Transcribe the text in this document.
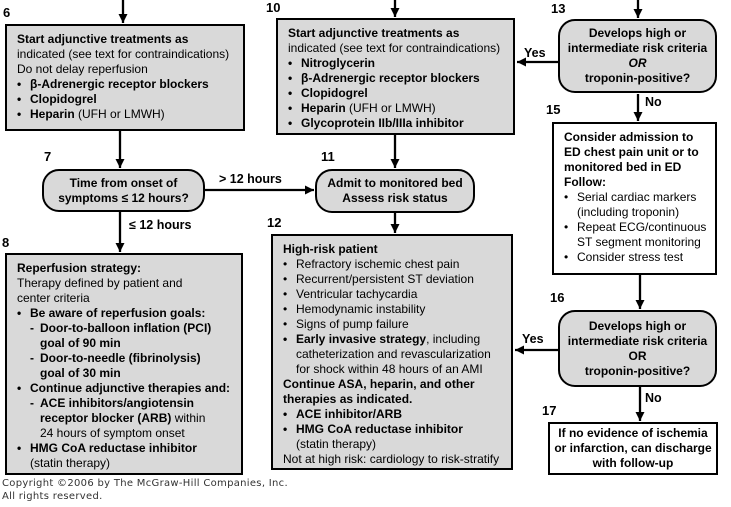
6	10	13
7	11
15
8
12
16
17
Start adjunctive treatments as
indicated (see text for contraindications)
Do not delay reperfusion
• β-Adrenergic receptor blockers
• Clopidogrel
• Heparin (UFH or LMWH)
Start adjunctive treatments as
indicated (see text for contraindications)
• Nitroglycerin
• β-Adrenergic receptor blockers
• Clopidogrel
• Heparin (UFH or LMWH)
• Glycoprotein IIb/IIIa inhibitor
Develops high or
intermediate risk criteria
OR
troponin-positive?
Time from onset of
symptoms ≤ 12 hours?
Admit to monitored bed
Assess risk status
Consider admission to
ED chest pain unit or to
monitored bed in ED
Follow:
• Serial cardiac markers
(including troponin)
• Repeat ECG/continuous
ST segment monitoring
• Consider stress test
Reperfusion strategy:
Therapy defined by patient and
center criteria
• Be aware of reperfusion goals:
- Door-to-balloon inflation (PCI)
goal of 90 min
- Door-to-needle (fibrinolysis)
goal of 30 min
• Continue adjunctive therapies and:
- ACE inhibitors/angiotensin
receptor blocker (ARB) within
24 hours of symptom onset
• HMG CoA reductase inhibitor
(statin therapy)
High-risk patient
• Refractory ischemic chest pain
• Recurrent/persistent ST deviation
• Ventricular tachycardia
• Hemodynamic instability
• Signs of pump failure
• Early invasive strategy, including
catheterization and revascularization
for shock within 48 hours of an AMI
Continue ASA, heparin, and other
therapies as indicated.
• ACE inhibitor/ARB
• HMG CoA reductase inhibitor
(statin therapy)
Not at high risk: cardiology to risk-stratify
Develops high or
intermediate risk criteria
OR
troponin-positive?
If no evidence of ischemia
or infarction, can discharge
with follow-up
> 12 hours
≤ 12 hours
Yes
No
Yes
No
Copyright ©2006 by The McGraw-Hill Companies, Inc.
All rights reserved.
